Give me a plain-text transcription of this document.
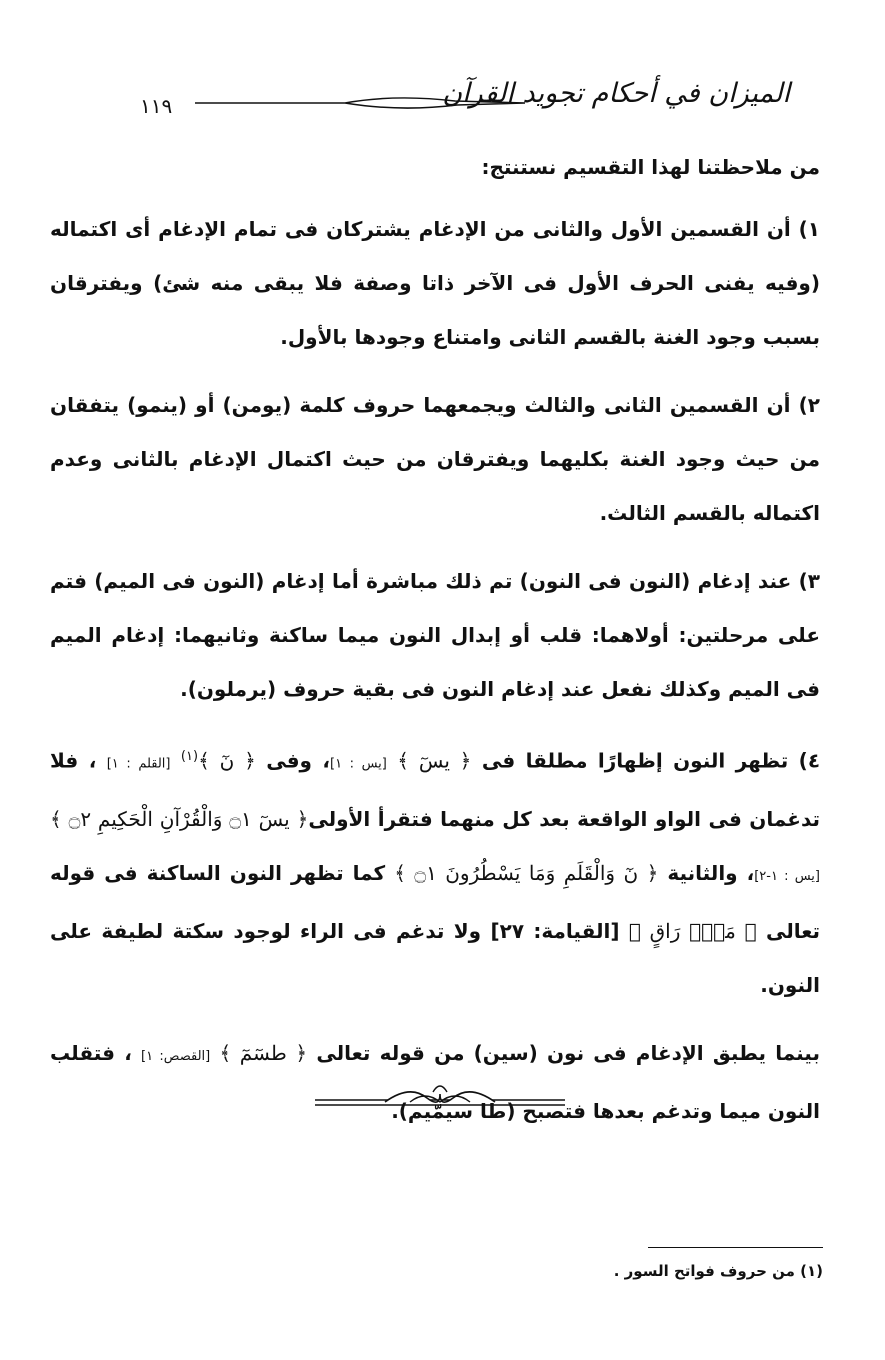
الميزان في أحكام تجويد القرآن
١١٩

من ملاحظتنا لهذا التقسيم نستنتج:

١) أن القسمين الأول والثانى من الإدغام يشتركان فى تمام الإدغام أى اكتماله (وفيه يفنى الحرف الأول فى الآخر ذاتا وصفة فلا يبقى منه شئ) ويفترقان بسبب وجود الغنة بالقسم الثانى وامتناع وجودها بالأول.

٢) أن القسمين الثانى والثالث ويجمعهما حروف كلمة (يومن) أو (ينمو) يتفقان من حيث وجود الغنة بكليهما ويفترقان من حيث اكتمال الإدغام بالثانى وعدم اكتماله بالقسم الثالث.

٣) عند إدغام (النون فى النون) تم ذلك مباشرة أما إدغام (النون فى الميم) فتم على مرحلتين: أولاهما: قلب أو إبدال النون ميما ساكنة وثانيهما: إدغام الميم فى الميم وكذلك نفعل عند إدغام النون فى بقية حروف (يرملون).

٤) تظهر النون إظهارًا مطلقا فى ﴿ يسٓ ﴾ [يس : ١]، وفى ﴿ نٓ ﴾$^{(١)}$ [القلم : ١] ، فلا تدغمان فى الواو الواقعة بعد كل منهما فتقرأ الأولى﴿ يسٓ ۝١ وَالْقُرْآنِ الْحَكِيمِ ۝٢ ﴾ [يس : ١-٢]، والثانية ﴿ نٓ وَالْقَلَمِ وَمَا يَسْطُرُونَ ۝١ ﴾ كما تظهر النون الساكنة فى قوله تعالى ﴿ مَنْۜ رَاقٍ ﴾ [القيامة: ٢٧] ولا تدغم فى الراء لوجود سكتة لطيفة على النون.

بينما يطبق الإدغام فى نون (سين) من قوله تعالى ﴿ طسٓمٓ ﴾ [القصص: ١] ، فتقلب النون ميما وتدغم بعدها فتصبح (طا سيمّيم).

(١) من حروف فواتح السور .
